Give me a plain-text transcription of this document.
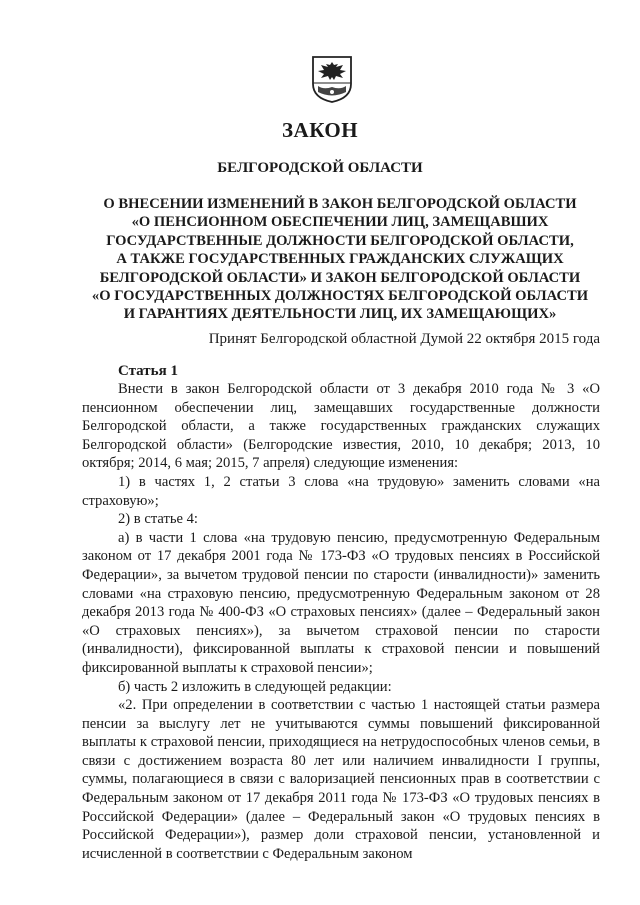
ЗАКОН
БЕЛГОРОДСКОЙ ОБЛАСТИ
О ВНЕСЕНИИ ИЗМЕНЕНИЙ В ЗАКОН БЕЛГОРОДСКОЙ ОБЛАСТИ
«О ПЕНСИОННОМ ОБЕСПЕЧЕНИИ ЛИЦ, ЗАМЕЩАВШИХ
ГОСУДАРСТВЕННЫЕ ДОЛЖНОСТИ БЕЛГОРОДСКОЙ ОБЛАСТИ,
А ТАКЖЕ ГОСУДАРСТВЕННЫХ ГРАЖДАНСКИХ СЛУЖАЩИХ
БЕЛГОРОДСКОЙ ОБЛАСТИ» И ЗАКОН БЕЛГОРОДСКОЙ ОБЛАСТИ
«О ГОСУДАРСТВЕННЫХ ДОЛЖНОСТЯХ БЕЛГОРОДСКОЙ ОБЛАСТИ
И ГАРАНТИЯХ ДЕЯТЕЛЬНОСТИ ЛИЦ, ИХ ЗАМЕЩАЮЩИХ»
Принят Белгородской областной Думой 22 октября 2015 года
Статья 1

Внести в закон Белгородской области от 3 декабря 2010 года № 3 «О пенсионном обеспечении лиц, замещавших государственные должности Белгородской области, а также государственных гражданских служащих Белгородской области» (Белгородские известия, 2010, 10 декабря; 2013, 10 октября; 2014, 6 мая; 2015, 7 апреля) следующие изменения:

1) в частях 1, 2 статьи 3 слова «на трудовую» заменить словами «на страховую»;

2) в статье 4:

а) в части 1 слова «на трудовую пенсию, предусмотренную Федеральным законом от 17 декабря 2001 года № 173-ФЗ «О трудовых пенсиях в Российской Федерации», за вычетом трудовой пенсии по старости (инвалидности)» заменить словами «на страховую пенсию, предусмотренную Федеральным законом от 28 декабря 2013 года № 400-ФЗ «О страховых пенсиях» (далее – Федеральный закон «О страховых пенсиях»), за вычетом страховой пенсии по старости (инвалидности), фиксированной выплаты к страховой пенсии и повышений фиксированной выплаты к страховой пенсии»;

б) часть 2 изложить в следующей редакции:

«2. При определении в соответствии с частью 1 настоящей статьи размера пенсии за выслугу лет не учитываются суммы повышений фиксированной выплаты к страховой пенсии, приходящиеся на нетрудоспособных членов семьи, в связи с достижением возраста 80 лет или наличием инвалидности I группы, суммы, полагающиеся в связи с валоризацией пенсионных прав в соответствии с Федеральным законом от 17 декабря 2011 года № 173-ФЗ «О трудовых пенсиях в Российской Федерации» (далее – Федеральный закон «О трудовых пенсиях в Российской Федерации»), размер доли страховой пенсии, установленной и исчисленной в соответствии с Федеральным законом
